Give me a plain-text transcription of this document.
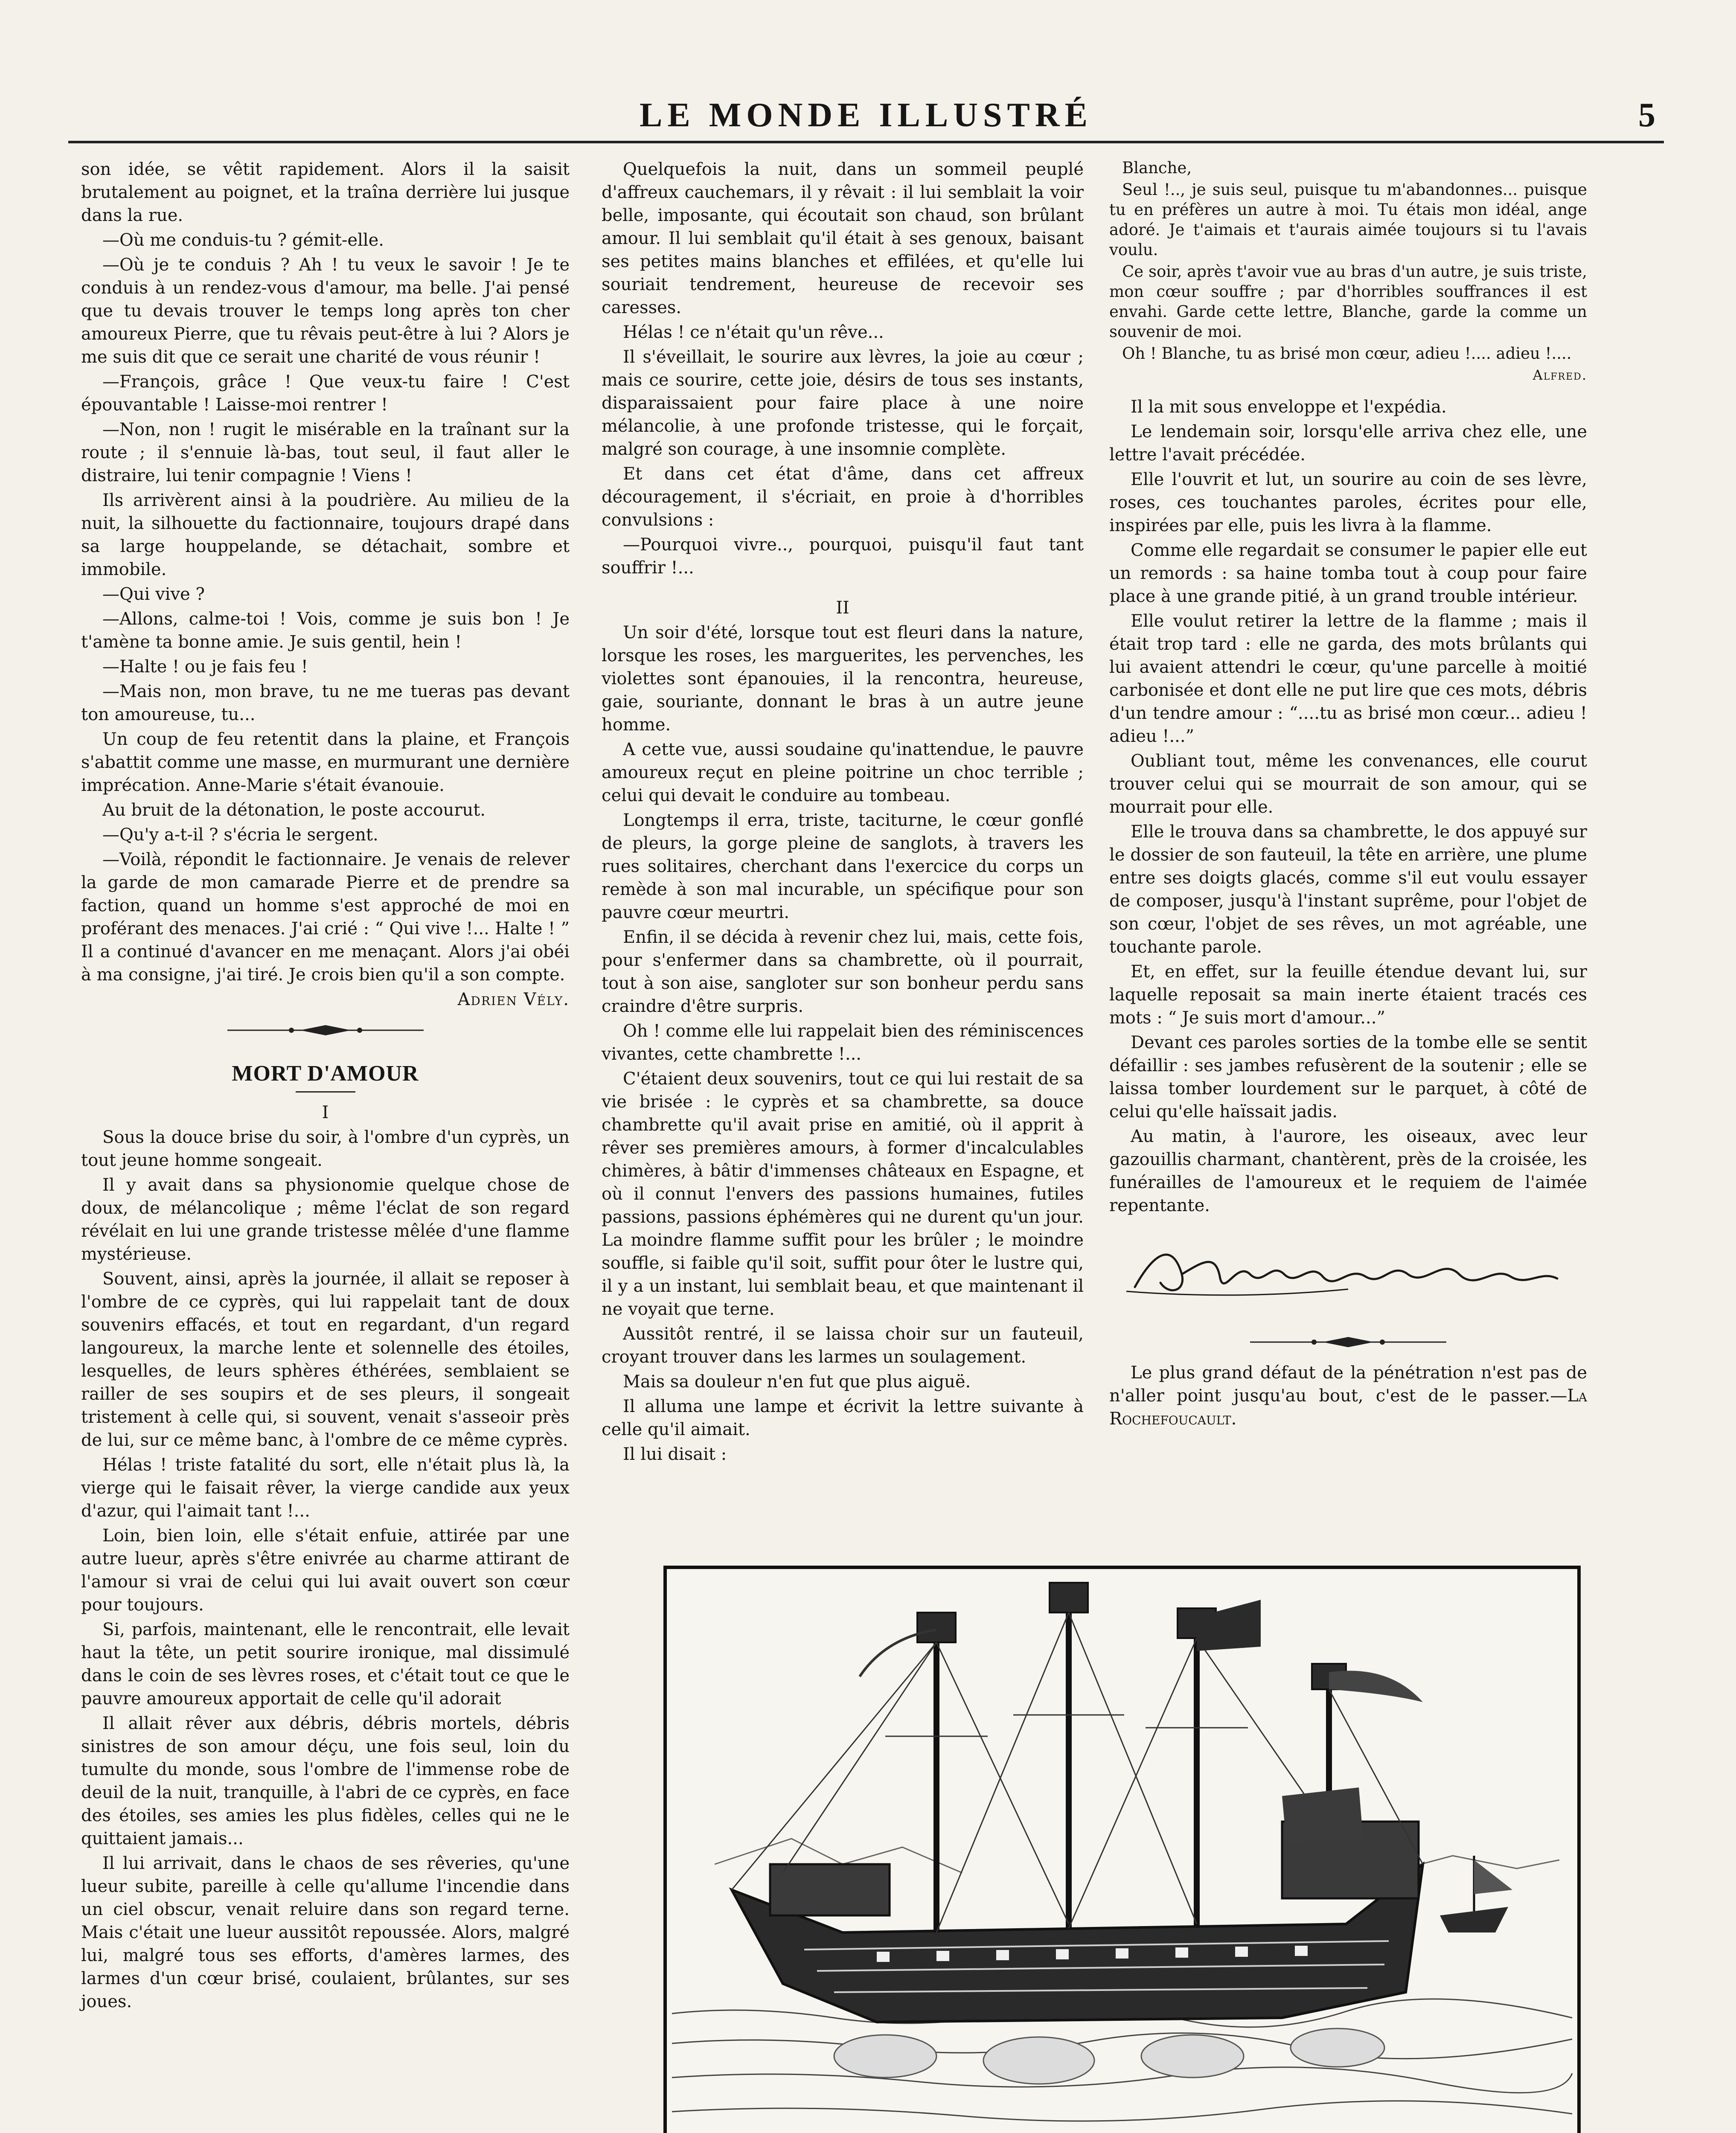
LE MONDE ILLUSTRÉ	5

son idée, se vêtit rapidement. Alors il la saisit brutalement au poignet, et la traîna derrière lui jusque dans la rue.

—Où me conduis-tu ? gémit-elle.

—Où je te conduis ? Ah ! tu veux le savoir ! Je te conduis à un rendez-vous d'amour, ma belle. J'ai pensé que tu devais trouver le temps long après ton cher amoureux Pierre, que tu rêvais peut-être à lui ? Alors je me suis dit que ce serait une charité de vous réunir !

—François, grâce ! Que veux-tu faire ! C'est épouvantable ! Laisse-moi rentrer !

—Non, non ! rugit le misérable en la traînant sur la route ; il s'ennuie là-bas, tout seul, il faut aller le distraire, lui tenir compagnie ! Viens !

Ils arrivèrent ainsi à la poudrière. Au milieu de la nuit, la silhouette du factionnaire, toujours drapé dans sa large houppelande, se détachait, sombre et immobile.

—Qui vive ?

—Allons, calme-toi ! Vois, comme je suis bon ! Je t'amène ta bonne amie. Je suis gentil, hein !

—Halte ! ou je fais feu !

—Mais non, mon brave, tu ne me tueras pas devant ton amoureuse, tu...

Un coup de feu retentit dans la plaine, et François s'abattit comme une masse, en murmurant une dernière imprécation. Anne-Marie s'était évanouie.

Au bruit de la détonation, le poste accourut.

—Qu'y a-t-il ? s'écria le sergent.

—Voilà, répondit le factionnaire. Je venais de relever la garde de mon camarade Pierre et de prendre sa faction, quand un homme s'est approché de moi en proférant des menaces. J'ai crié : “ Qui vive !... Halte ! ” Il a continué d'avancer en me menaçant. Alors j'ai obéi à ma consigne, j'ai tiré. Je crois bien qu'il a son compte.

Adrien Vély.

MORT D'AMOUR

I

Sous la douce brise du soir, à l'ombre d'un cyprès, un tout jeune homme songeait.

Il y avait dans sa physionomie quelque chose de doux, de mélancolique ; même l'éclat de son regard révélait en lui une grande tristesse mêlée d'une flamme mystérieuse.

Souvent, ainsi, après la journée, il allait se reposer à l'ombre de ce cyprès, qui lui rappelait tant de doux souvenirs effacés, et tout en regardant, d'un regard langoureux, la marche lente et solennelle des étoiles, lesquelles, de leurs sphères éthérées, semblaient se railler de ses soupirs et de ses pleurs, il songeait tristement à celle qui, si souvent, venait s'asseoir près de lui, sur ce même banc, à l'ombre de ce même cyprès.

Hélas ! triste fatalité du sort, elle n'était plus là, la vierge qui le faisait rêver, la vierge candide aux yeux d'azur, qui l'aimait tant !...

Loin, bien loin, elle s'était enfuie, attirée par une autre lueur, après s'être enivrée au charme attirant de l'amour si vrai de celui qui lui avait ouvert son cœur pour toujours.

Si, parfois, maintenant, elle le rencontrait, elle levait haut la tête, un petit sourire ironique, mal dissimulé dans le coin de ses lèvres roses, et c'était tout ce que le pauvre amoureux apportait de celle qu'il adorait

Il allait rêver aux débris, débris mortels, débris sinistres de son amour déçu, une fois seul, loin du tumulte du monde, sous l'ombre de l'immense robe de deuil de la nuit, tranquille, à l'abri de ce cyprès, en face des étoiles, ses amies les plus fidèles, celles qui ne le quittaient jamais...

Il lui arrivait, dans le chaos de ses rêveries, qu'une lueur subite, pareille à celle qu'allume l'incendie dans un ciel obscur, venait reluire dans son regard terne. Mais c'était une lueur aussitôt repoussée. Alors, malgré lui, malgré tous ses efforts, d'amères larmes, des larmes d'un cœur brisé, coulaient, brûlantes, sur ses joues.

Quelquefois la nuit, dans un sommeil peuplé d'affreux cauchemars, il y rêvait : il lui semblait la voir belle, imposante, qui écoutait son chaud, son brûlant amour. Il lui semblait qu'il était à ses genoux, baisant ses petites mains blanches et effilées, et qu'elle lui souriait tendrement, heureuse de recevoir ses caresses.

Hélas ! ce n'était qu'un rêve...

Il s'éveillait, le sourire aux lèvres, la joie au cœur ; mais ce sourire, cette joie, désirs de tous ses instants, disparaissaient pour faire place à une noire mélancolie, à une profonde tristesse, qui le forçait, malgré son courage, à une insomnie complète.

Et dans cet état d'âme, dans cet affreux découragement, il s'écriait, en proie à d'horribles convulsions :

—Pourquoi vivre.., pourquoi, puisqu'il faut tant souffrir !...

II

Un soir d'été, lorsque tout est fleuri dans la nature, lorsque les roses, les marguerites, les pervenches, les violettes sont épanouies, il la rencontra, heureuse, gaie, souriante, donnant le bras à un autre jeune homme.

A cette vue, aussi soudaine qu'inattendue, le pauvre amoureux reçut en pleine poitrine un choc terrible ; celui qui devait le conduire au tombeau.

Longtemps il erra, triste, taciturne, le cœur gonflé de pleurs, la gorge pleine de sanglots, à travers les rues solitaires, cherchant dans l'exercice du corps un remède à son mal incurable, un spécifique pour son pauvre cœur meurtri.

Enfin, il se décida à revenir chez lui, mais, cette fois, pour s'enfermer dans sa chambrette, où il pourrait, tout à son aise, sangloter sur son bonheur perdu sans craindre d'être surpris.

Oh ! comme elle lui rappelait bien des réminiscences vivantes, cette chambrette !...

C'étaient deux souvenirs, tout ce qui lui restait de sa vie brisée : le cyprès et sa chambrette, sa douce chambrette qu'il avait prise en amitié, où il apprit à rêver ses premières amours, à former d'incalculables chimères, à bâtir d'immenses châteaux en Espagne, et où il connut l'envers des passions humaines, futiles passions, passions éphémères qui ne durent qu'un jour. La moindre flamme suffit pour les brûler ; le moindre souffle, si faible qu'il soit, suffit pour ôter le lustre qui, il y a un instant, lui semblait beau, et que maintenant il ne voyait que terne.

Aussitôt rentré, il se laissa choir sur un fauteuil, croyant trouver dans les larmes un soulagement.

Mais sa douleur n'en fut que plus aiguë.

Il alluma une lampe et écrivit la lettre suivante à celle qu'il aimait.

Il lui disait :

Blanche,

Seul !.., je suis seul, puisque tu m'abandonnes... puisque tu en préfères un autre à moi. Tu étais mon idéal, ange adoré. Je t'aimais et t'aurais aimée toujours si tu l'avais voulu.

Ce soir, après t'avoir vue au bras d'un autre, je suis triste, mon cœur souffre ; par d'horribles souffrances il est envahi. Garde cette lettre, Blanche, garde la comme un souvenir de moi.

Oh ! Blanche, tu as brisé mon cœur, adieu !.... adieu !....

Alfred.

Il la mit sous enveloppe et l'expédia.

Le lendemain soir, lorsqu'elle arriva chez elle, une lettre l'avait précédée.

Elle l'ouvrit et lut, un sourire au coin de ses lèvre, roses, ces touchantes paroles, écrites pour elle, inspirées par elle, puis les livra à la flamme.

Comme elle regardait se consumer le papier elle eut un remords : sa haine tomba tout à coup pour faire place à une grande pitié, à un grand trouble intérieur.

Elle voulut retirer la lettre de la flamme ; mais il était trop tard : elle ne garda, des mots brûlants qui lui avaient attendri le cœur, qu'une parcelle à moitié carbonisée et dont elle ne put lire que ces mots, débris d'un tendre amour : “....tu as brisé mon cœur... adieu ! adieu !...”

Oubliant tout, même les convenances, elle courut trouver celui qui se mourrait de son amour, qui se mourrait pour elle.

Elle le trouva dans sa chambrette, le dos appuyé sur le dossier de son fauteuil, la tête en arrière, une plume entre ses doigts glacés, comme s'il eut voulu essayer de composer, jusqu'à l'instant suprême, pour l'objet de son cœur, l'objet de ses rêves, un mot agréable, une touchante parole.

Et, en effet, sur la feuille étendue devant lui, sur laquelle reposait sa main inerte étaient tracés ces mots : “ Je suis mort d'amour...”

Devant ces paroles sorties de la tombe elle se sentit défaillir : ses jambes refusèrent de la soutenir ; elle se laissa tomber lourdement sur le parquet, à côté de celui qu'elle haïssait jadis.

Au matin, à l'aurore, les oiseaux, avec leur gazouillis charmant, chantèrent, près de la croisée, les funérailles de l'amoureux et le requiem de l'aimée repentante.

Le plus grand défaut de la pénétration n'est pas de n'aller point jusqu'au bout, c'est de le passer.—La Rochefoucault.
